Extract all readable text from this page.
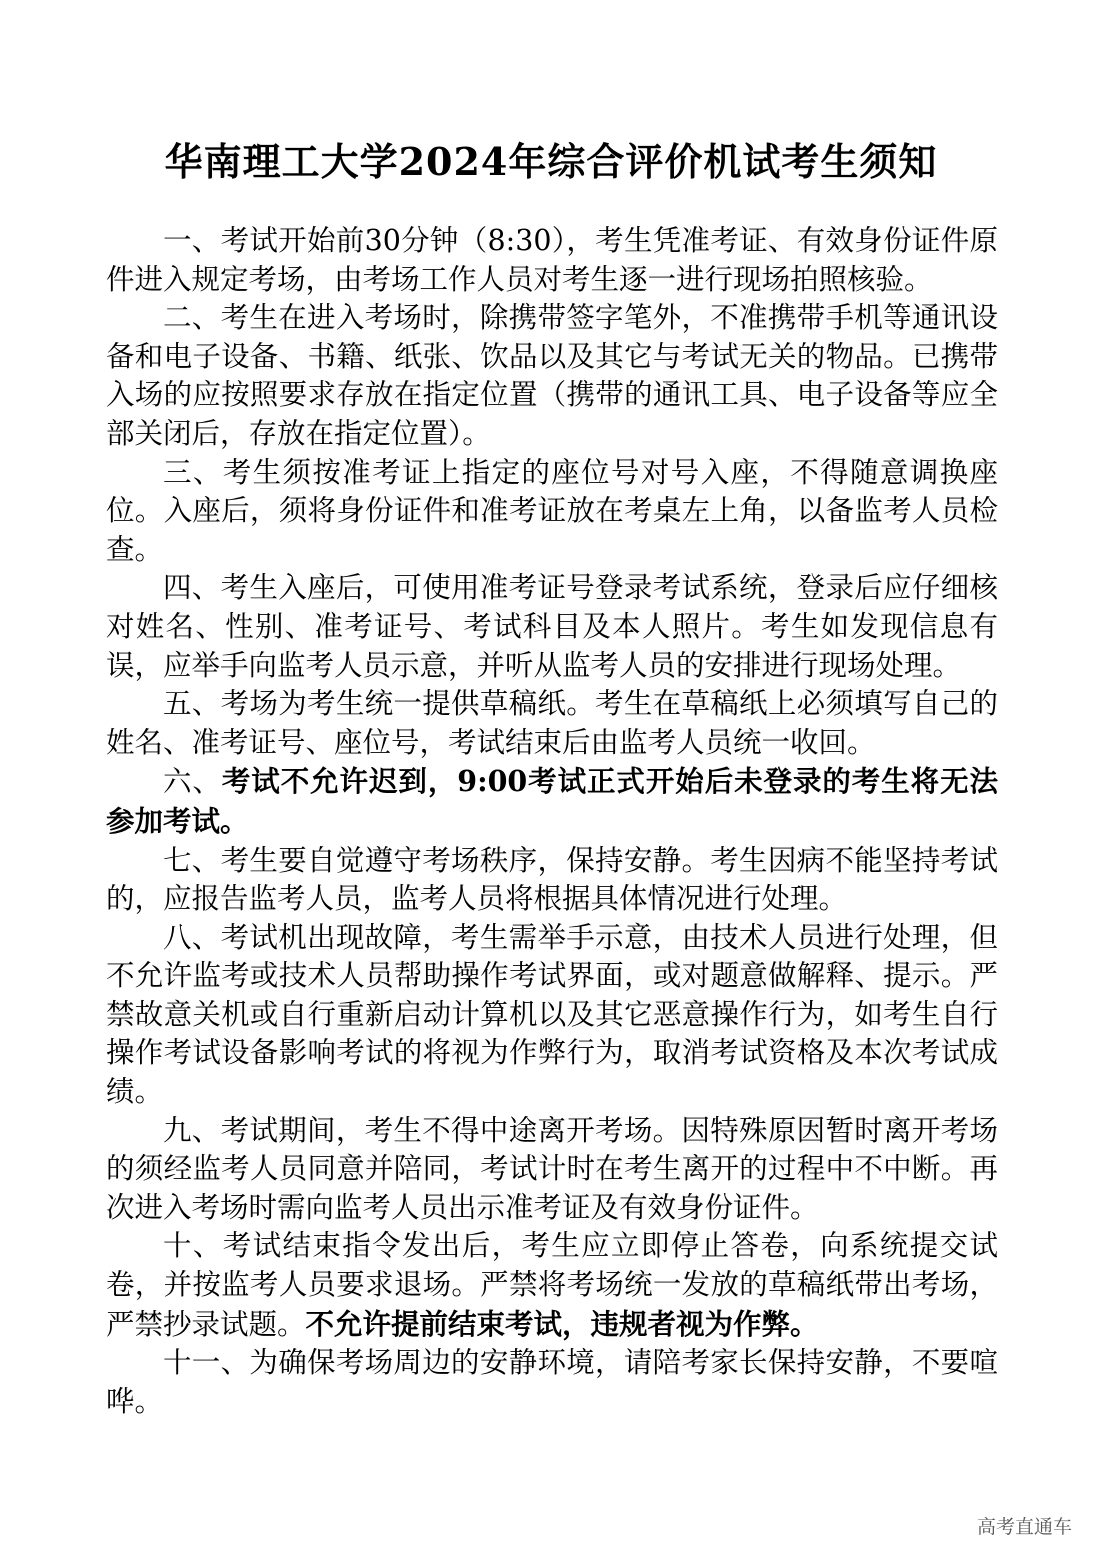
华南理工大学2024年综合评价机试考生须知

一、考试开始前30分钟（8:30），考生凭准考证、有效身份证件原件进入规定考场，由考场工作人员对考生逐一进行现场拍照核验。

二、考生在进入考场时，除携带签字笔外，不准携带手机等通讯设备和电子设备、书籍、纸张、饮品以及其它与考试无关的物品。已携带入场的应按照要求存放在指定位置（携带的通讯工具、电子设备等应全部关闭后，存放在指定位置）。

三、考生须按准考证上指定的座位号对号入座，不得随意调换座位。入座后，须将身份证件和准考证放在考桌左上角，以备监考人员检查。

四、考生入座后，可使用准考证号登录考试系统，登录后应仔细核对姓名、性别、准考证号、考试科目及本人照片。考生如发现信息有误，应举手向监考人员示意，并听从监考人员的安排进行现场处理。

五、考场为考生统一提供草稿纸。考生在草稿纸上必须填写自己的姓名、准考证号、座位号，考试结束后由监考人员统一收回。

六、考试不允许迟到，9:00考试正式开始后未登录的考生将无法参加考试。

七、考生要自觉遵守考场秩序，保持安静。考生因病不能坚持考试的，应报告监考人员，监考人员将根据具体情况进行处理。

八、考试机出现故障，考生需举手示意，由技术人员进行处理，但不允许监考或技术人员帮助操作考试界面，或对题意做解释、提示。严禁故意关机或自行重新启动计算机以及其它恶意操作行为，如考生自行操作考试设备影响考试的将视为作弊行为，取消考试资格及本次考试成绩。

九、考试期间，考生不得中途离开考场。因特殊原因暂时离开考场的须经监考人员同意并陪同，考试计时在考生离开的过程中不中断。再次进入考场时需向监考人员出示准考证及有效身份证件。

十、考试结束指令发出后，考生应立即停止答卷，向系统提交试卷，并按监考人员要求退场。严禁将考场统一发放的草稿纸带出考场，严禁抄录试题。不允许提前结束考试，违规者视为作弊。

十一、为确保考场周边的安静环境，请陪考家长保持安静，不要喧哗。

高考直通车
